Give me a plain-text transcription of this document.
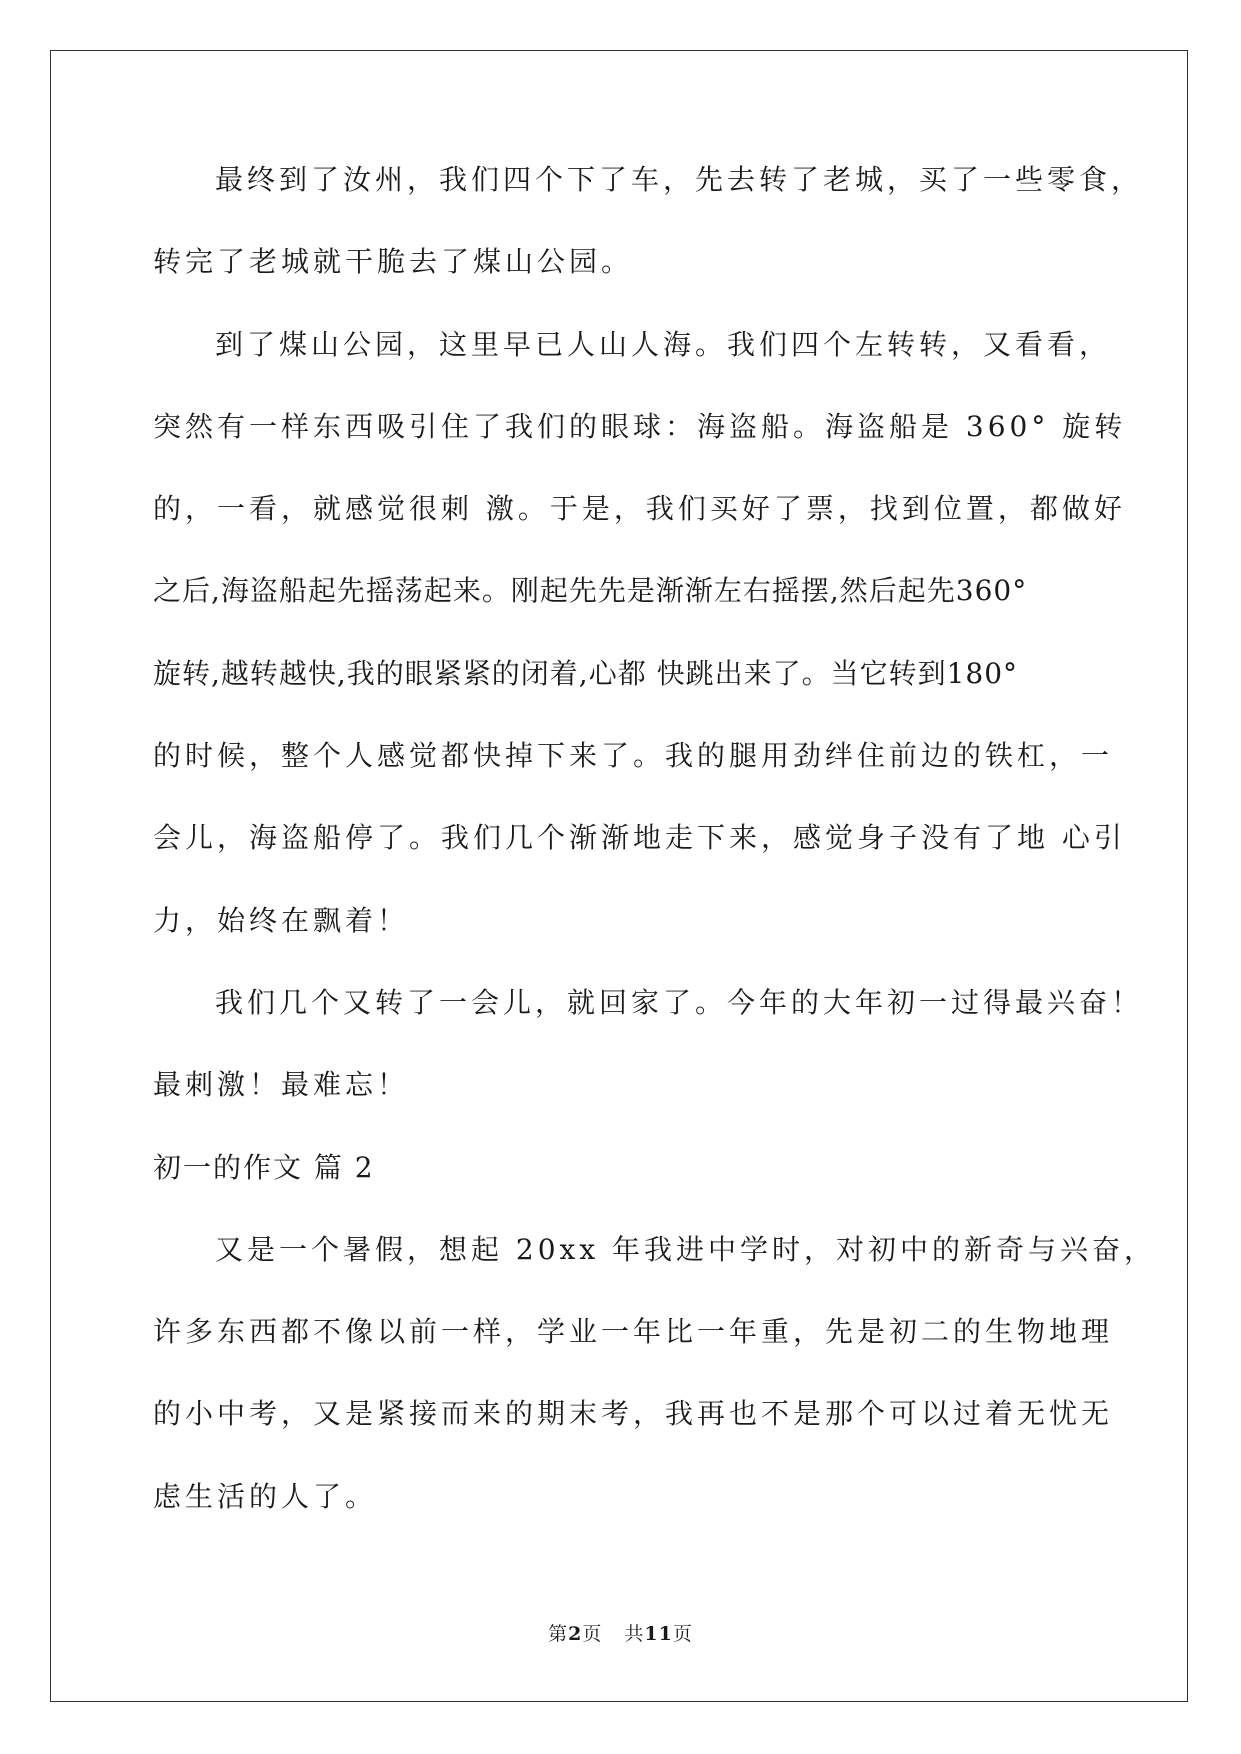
最终到了汝州，我们四个下了车，先去转了老城，买了一些零食，
转完了老城就干脆去了煤山公园。
到了煤山公园，这里早已人山人海。我们四个左转转，又看看，
突然有一样东西吸引住了我们的眼球：海盗船。海盗船是 360° 旋转
的，一看，就感觉很刺 激。于是，我们买好了票，找到位置，都做好
之后,海盗船起先摇荡起来。刚起先先是渐渐左右摇摆,然后起先360°
旋转,越转越快,我的眼紧紧的闭着,心都 快跳出来了。当它转到180°
的时候，整个人感觉都快掉下来了。我的腿用劲绊住前边的铁杠，一
会儿，海盗船停了。我们几个渐渐地走下来，感觉身子没有了地 心引
力，始终在飘着！
我们几个又转了一会儿，就回家了。今年的大年初一过得最兴奋！
最刺激！最难忘！
初一的作文 篇 2
又是一个暑假，想起 20xx 年我进中学时，对初中的新奇与兴奋，
许多东西都不像以前一样，学业一年比一年重，先是初二的生物地理
的小中考，又是紧接而来的期末考，我再也不是那个可以过着无忧无
虑生活的人了。
第2页 共11页
